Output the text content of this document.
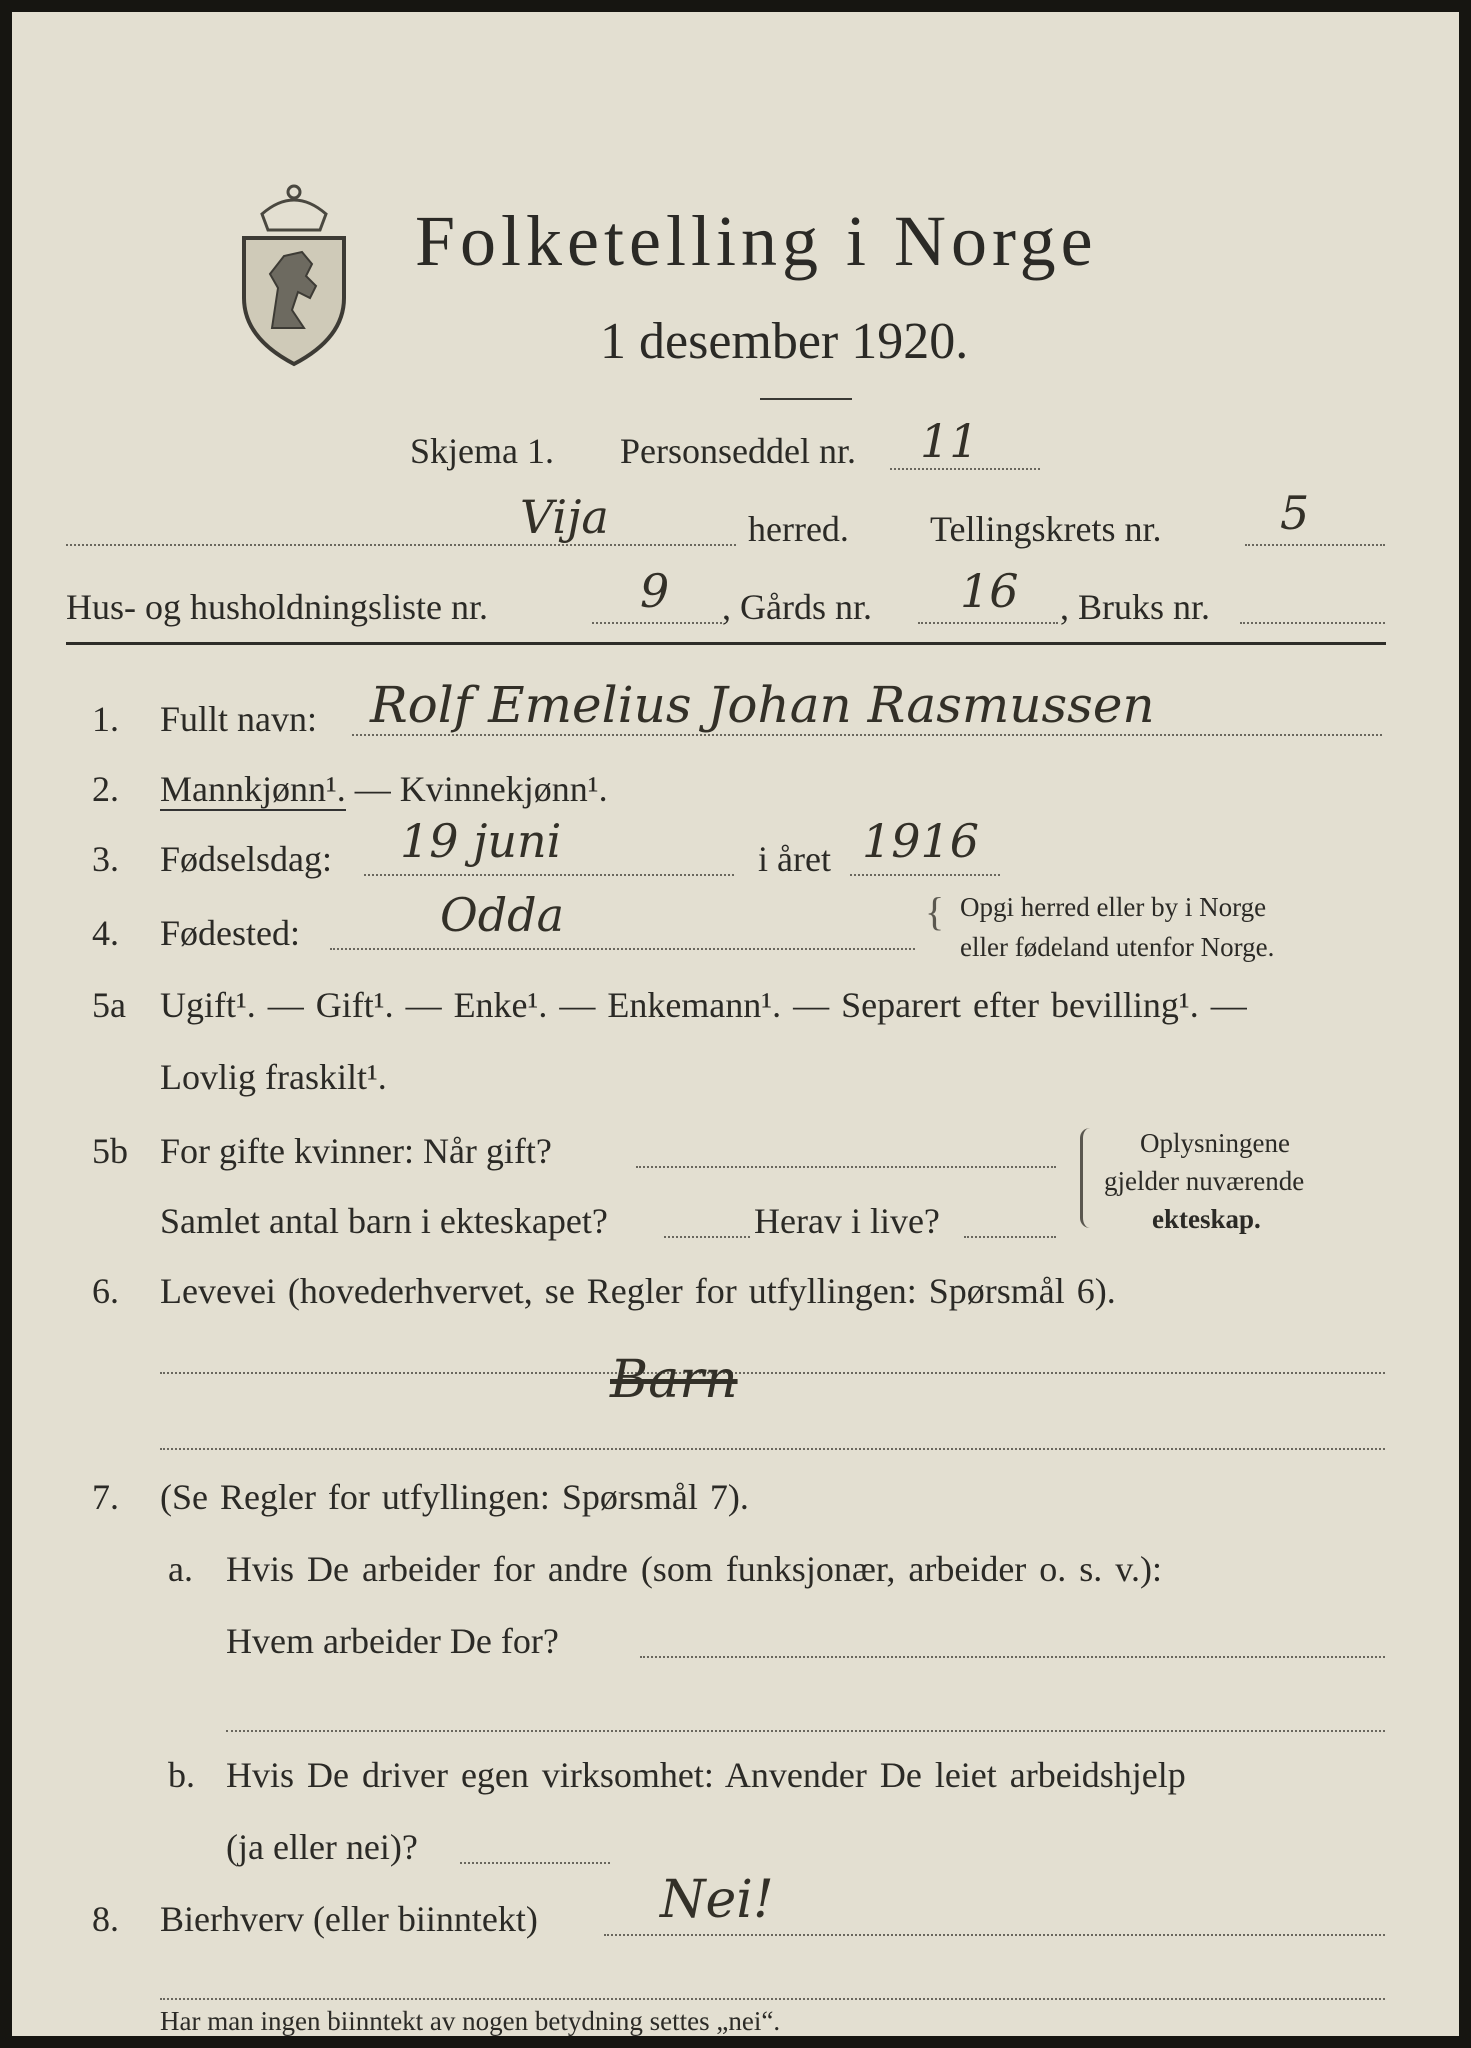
Folketelling i Norge
1 desember 1920.
Skjema 1. Personseddel nr. 11
Vija	herred. Tellingskrets nr.	5
Hus- og husholdningsliste nr.	9 , Gårds nr. 16 , Bruks nr.
1. Fullt navn: Rolf Emelius Johan Rasmussen
2. Mannkjønn¹. — Kvinnekjønn¹.
3. Fødselsdag: 19 juni	i året 1916
4. Fødested:	Odda	{ Opgi herred eller by i Norge
eller fødeland utenfor Norge.
5a Ugift¹. — Gift¹. — Enke¹. — Enkemann¹. — Separert efter bevilling¹. —
Lovlig fraskilt¹.
5b For gifte kvinner: Når gift?
Samlet antal barn i ekteskapet?	Herav i live?
Oplysningene
gjelder nuværende
ekteskap.
6. Levevei (hovederhvervet, se Regler for utfyllingen: Spørsmål 6).
Barn
7. (Se Regler for utfyllingen: Spørsmål 7).
a. Hvis De arbeider for andre (som funksjonær, arbeider o. s. v.):
Hvem arbeider De for?
b. Hvis De driver egen virksomhet: Anvender De leiet arbeidshjelp
(ja eller nei)?
8. Bierhverv (eller biinntekt) Nei!
Har man ingen biinntekt av nogen betydning settes „nei“.
